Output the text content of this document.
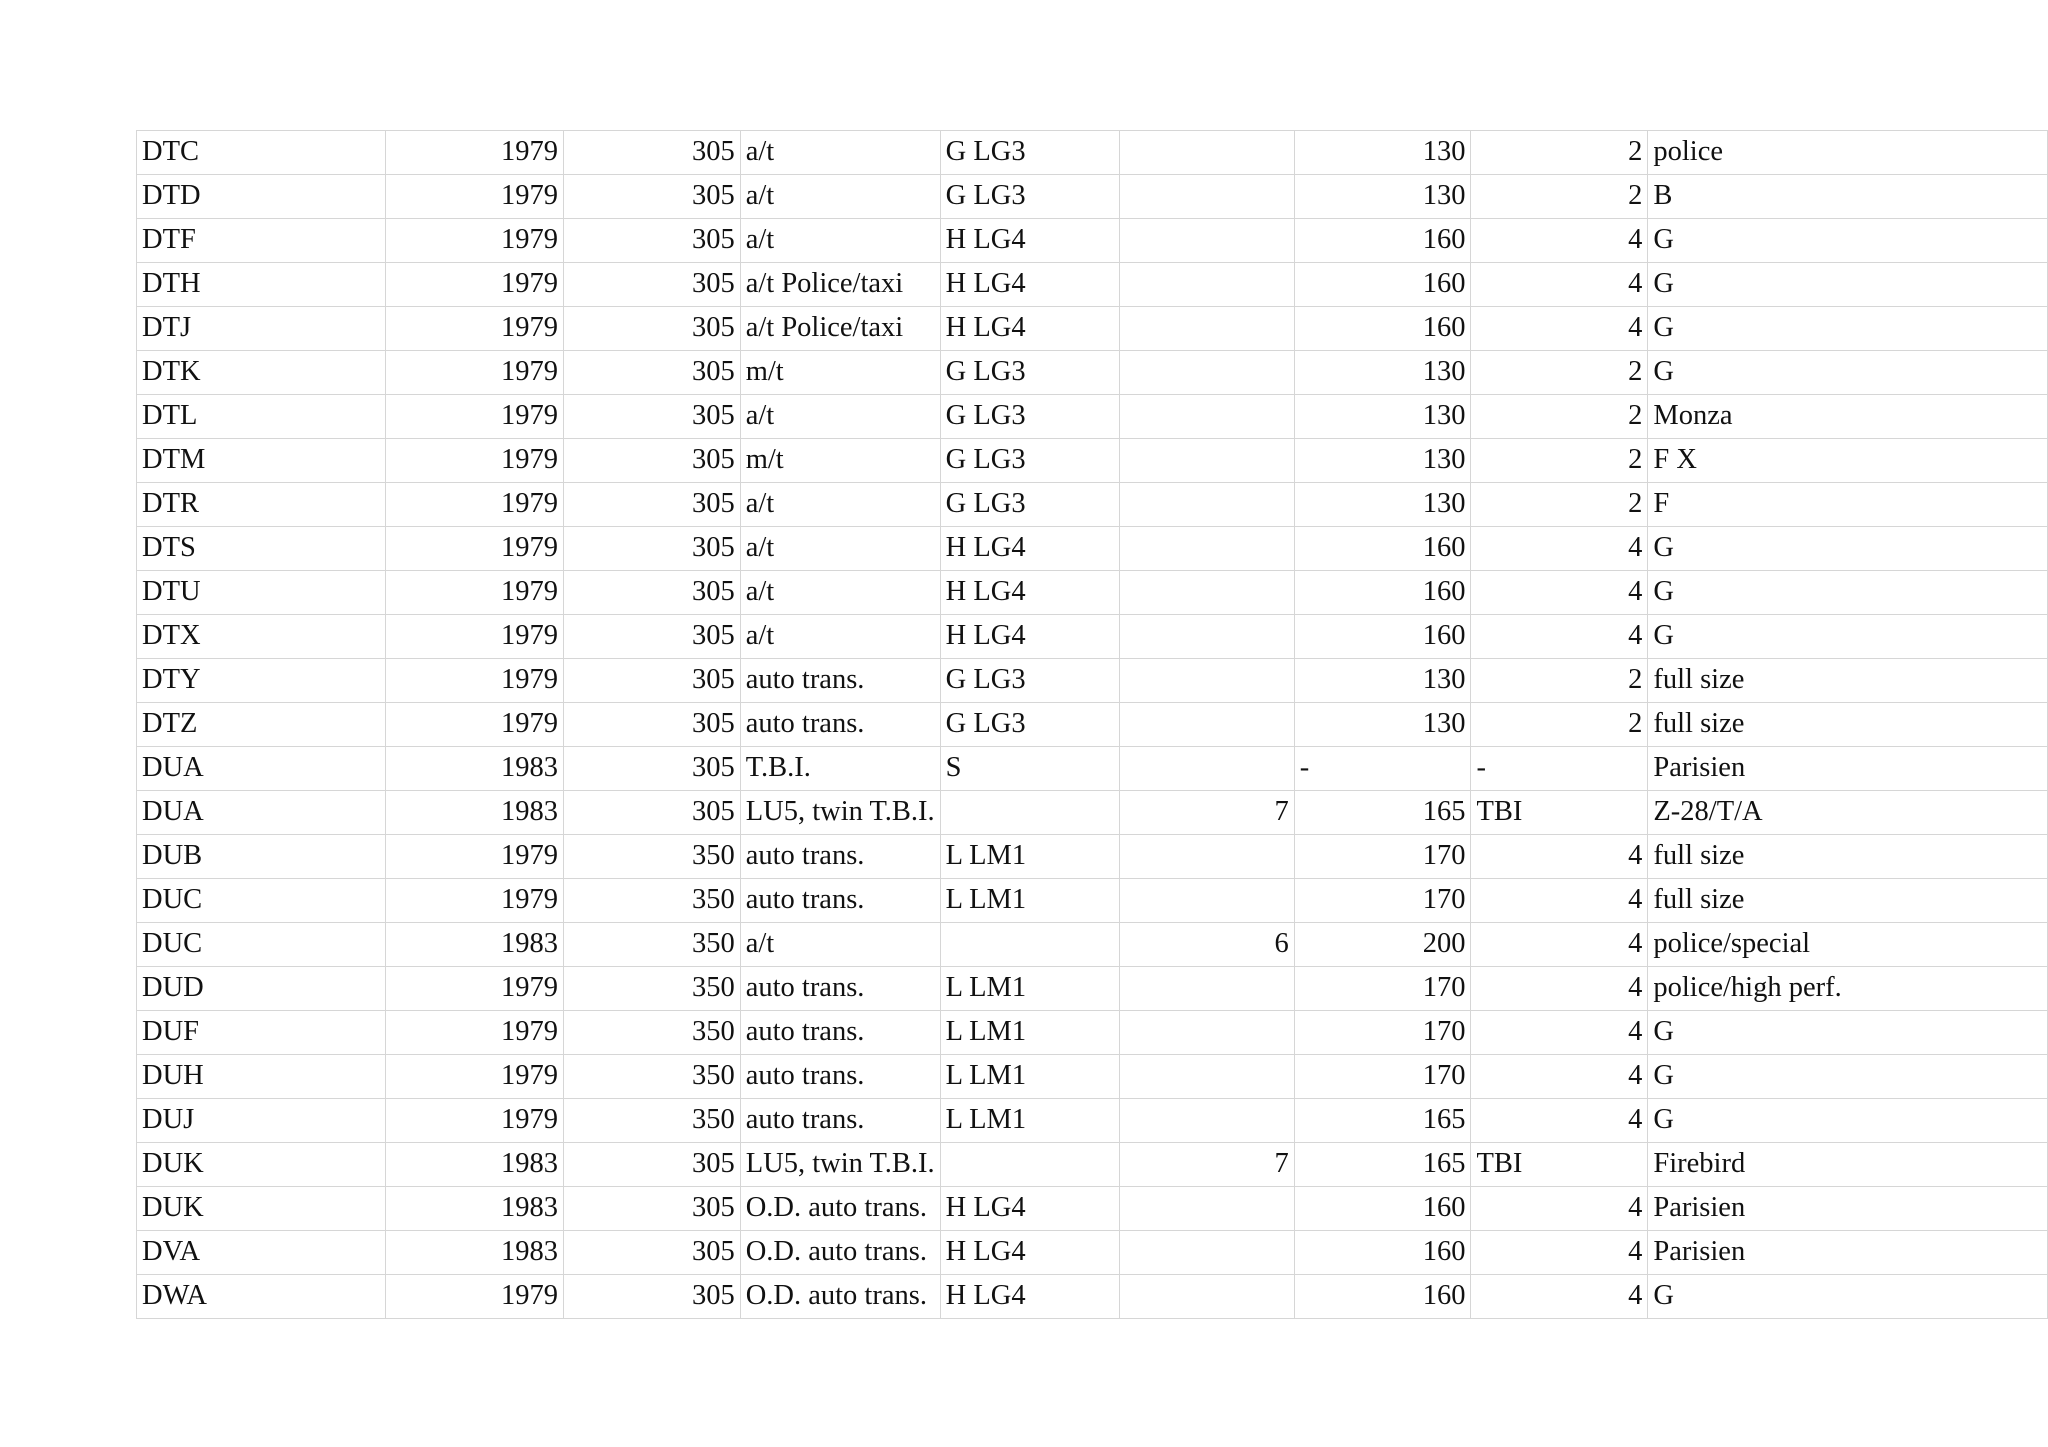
DTC	1979	305	a/t	G LG3		130	2	police
DTD	1979	305	a/t	G LG3		130	2	B
DTF	1979	305	a/t	H LG4		160	4	G
DTH	1979	305	a/t Police/taxi	H LG4		160	4	G
DTJ	1979	305	a/t Police/taxi	H LG4		160	4	G
DTK	1979	305	m/t	G LG3		130	2	G
DTL	1979	305	a/t	G LG3		130	2	Monza
DTM	1979	305	m/t	G LG3		130	2	F X
DTR	1979	305	a/t	G LG3		130	2	F
DTS	1979	305	a/t	H LG4		160	4	G
DTU	1979	305	a/t	H LG4		160	4	G
DTX	1979	305	a/t	H LG4		160	4	G
DTY	1979	305	auto trans.	G LG3		130	2	full size
DTZ	1979	305	auto trans.	G LG3		130	2	full size
DUA	1983	305	T.B.I.	S		-	-	Parisien
DUA	1983	305	LU5, twin T.B.I.		7	165	TBI	Z-28/T/A
DUB	1979	350	auto trans.	L LM1		170	4	full size
DUC	1979	350	auto trans.	L LM1		170	4	full size
DUC	1983	350	a/t		6	200	4	police/special
DUD	1979	350	auto trans.	L LM1		170	4	police/high perf.
DUF	1979	350	auto trans.	L LM1		170	4	G
DUH	1979	350	auto trans.	L LM1		170	4	G
DUJ	1979	350	auto trans.	L LM1		165	4	G
DUK	1983	305	LU5, twin T.B.I.		7	165	TBI	Firebird
DUK	1983	305	O.D. auto trans.	H LG4		160	4	Parisien
DVA	1983	305	O.D. auto trans.	H LG4		160	4	Parisien
DWA	1979	305	O.D. auto trans.	H LG4		160	4	G
